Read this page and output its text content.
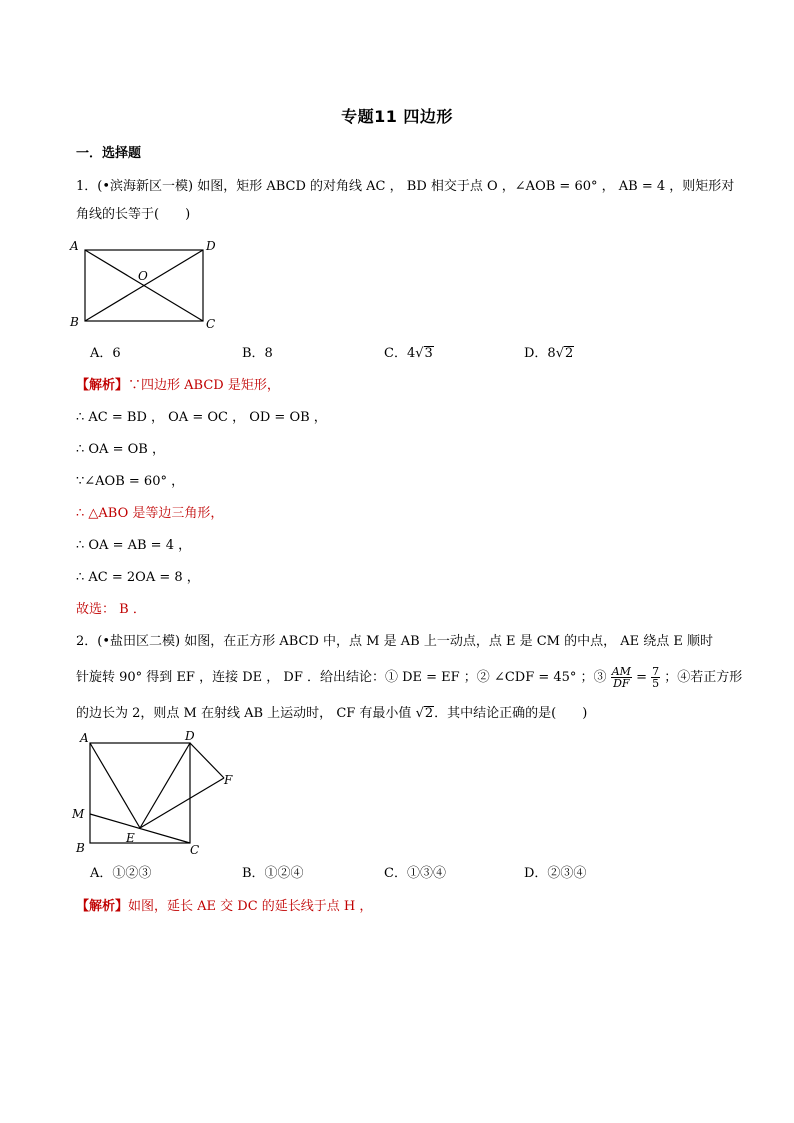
专题11 四边形
一．选择题
1．(•滨海新区一模) 如图，矩形 ABCD 的对角线 AC ， BD 相交于点 O ，∠AOB = 60° ， AB = 4 ，则矩形对
角线的长等于(　　)
A	D
B	C
O
A．6	B．8	C．4√3	D．8√2
【解析】∵四边形 ABCD 是矩形，
∴ AC = BD ， OA = OC ， OD = OB ，
∴ OA = OB ，
∵∠AOB = 60° ，
∴ △ABO 是等边三角形，
∴ OA = AB = 4 ，
∴ AC = 2OA = 8 ，
故选： B ．
2．(•盐田区二模) 如图，在正方形 ABCD 中，点 M 是 AB 上一动点，点 E 是 CM 的中点， AE 绕点 E 顺时
针旋转 90° 得到 EF ，连接 DE ， DF ．给出结论：① DE = EF ；② ∠CDF = 45° ；③ $\frac{AM}{DF} = \frac{7}{5}$ ；④若正方形
的边长为 2，则点 M 在射线 AB 上运动时， CF 有最小值 √2．其中结论正确的是(　　)
A	D
F
M
E
B	C
A．①②③	B．①②④	C．①③④	D．②③④
【解析】如图，延长 AE 交 DC 的延长线于点 H ，
